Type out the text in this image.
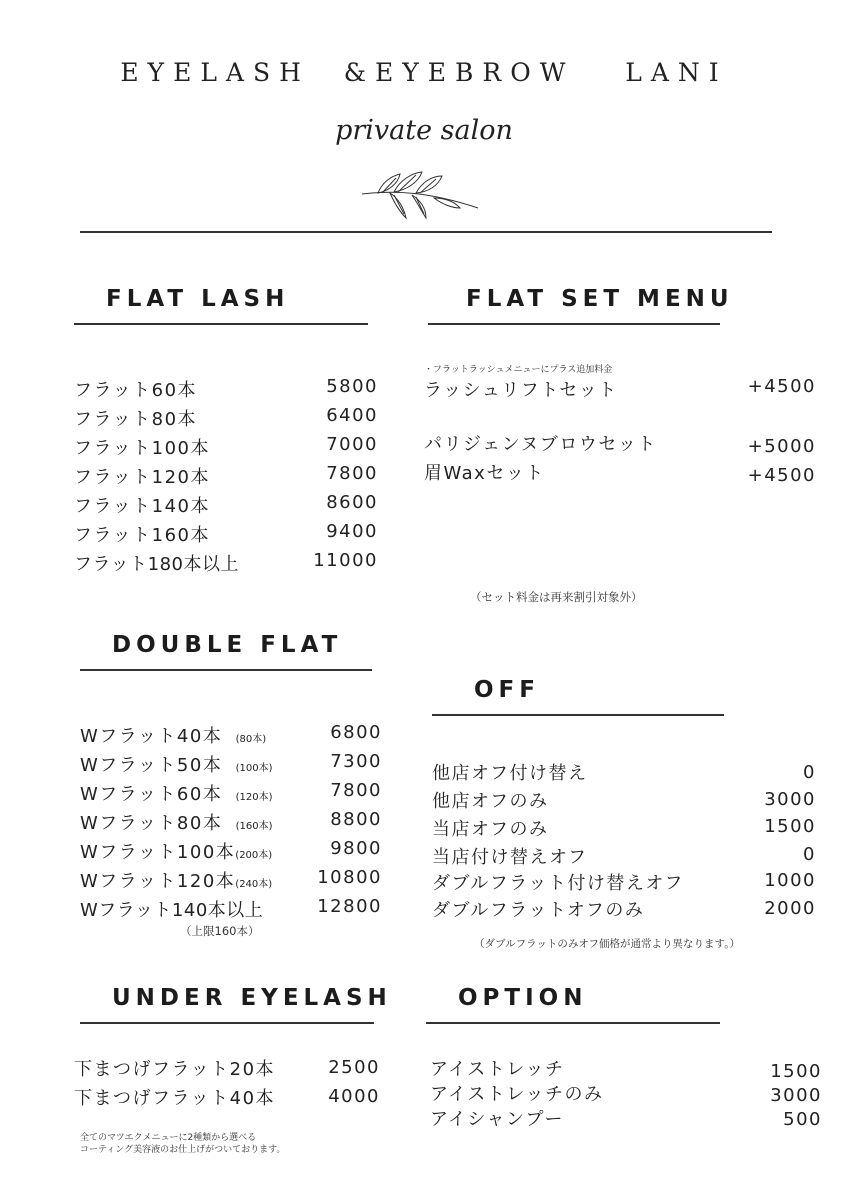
EYELASH  &EYEBROW   LANI
private salon
FLAT LASH
フラット60本	5800
フラット80本	6400
フラット100本	7000
フラット120本	7800
フラット140本	8600
フラット160本	9400
フラット180本以上	11000
FLAT SET MENU
・フラットラッシュメニューにプラス追加料金
ラッシュリフトセット	+4500
パリジェンヌブロウセット	+5000
眉Waxセット	+4500
（セット料金は再来割引対象外）
DOUBLE FLAT
Wフラット40本 (80本)	6800
Wフラット50本 (100本)	7300
Wフラット60本 (120本)	7800
Wフラット80本 (160本)	8800
Wフラット100本(200本)	9800
Wフラット120本(240本)	10800
Wフラット140本以上	12800
（上限160本）
OFF
他店オフ付け替え	0
他店オフのみ	3000
当店オフのみ	1500
当店付け替えオフ	0
ダブルフラット付け替えオフ	1000
ダブルフラットオフのみ	2000
（ダブルフラットのみオフ価格が通常より異なります。）
UNDER EYELASH
下まつげフラット20本	2500
下まつげフラット40本	4000
全てのマツエクメニューに2種類から選べる
コーティング美容液のお仕上げがついております。
OPTION
アイストレッチ	1500
アイストレッチのみ	3000
アイシャンプー	500
